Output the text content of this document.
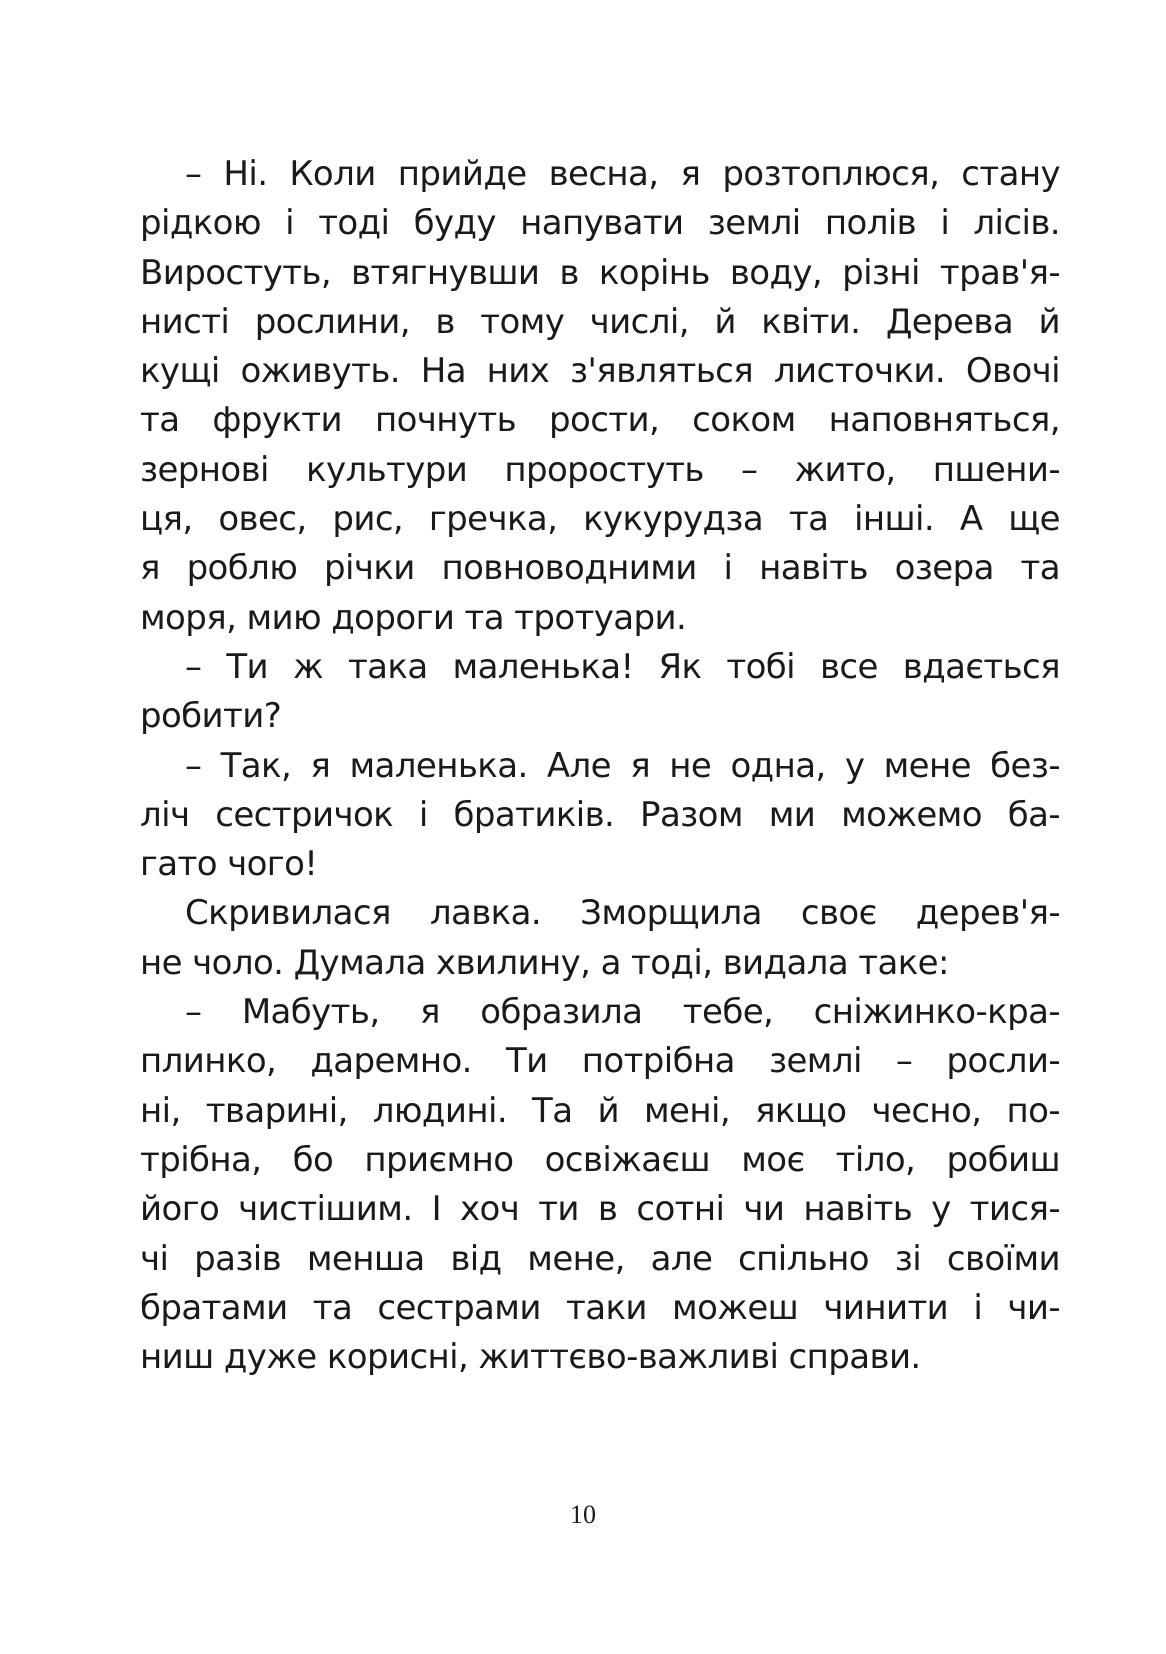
– Ні. Коли прийде весна, я розтоплюся, стану
рідкою і тоді буду напувати землі полів і лісів.
Виростуть, втягнувши в корінь воду, різні трав'я-
нисті рослини, в тому числі, й квіти. Дерева й
кущі оживуть. На них з'являться листочки. Овочі
та фрукти почнуть рости, соком наповняться,
зернові культури проростуть – жито, пшени-
ця, овес, рис, гречка, кукурудза та інші. А ще
я роблю річки повноводними і навіть озера та
моря, мию дороги та тротуари.
– Ти ж така маленька! Як тобі все вдається
робити?
– Так, я маленька. Але я не одна, у мене без-
ліч сестричок і братиків. Разом ми можемо ба-
гато чого!
Скривилася лавка. Зморщила своє дерев'я-
не чоло. Думала хвилину, а тоді, видала таке:
– Мабуть, я образила тебе, сніжинко-кра-
плинко, даремно. Ти потрібна землі – росли-
ні, тварині, людині. Та й мені, якщо чесно, по-
трібна, бо приємно освіжаєш моє тіло, робиш
його чистішим. І хоч ти в сотні чи навіть у тися-
чі разів менша від мене, але спільно зі своїми
братами та сестрами таки можеш чинити і чи-
ниш дуже корисні, життєво-важливі справи.
10
